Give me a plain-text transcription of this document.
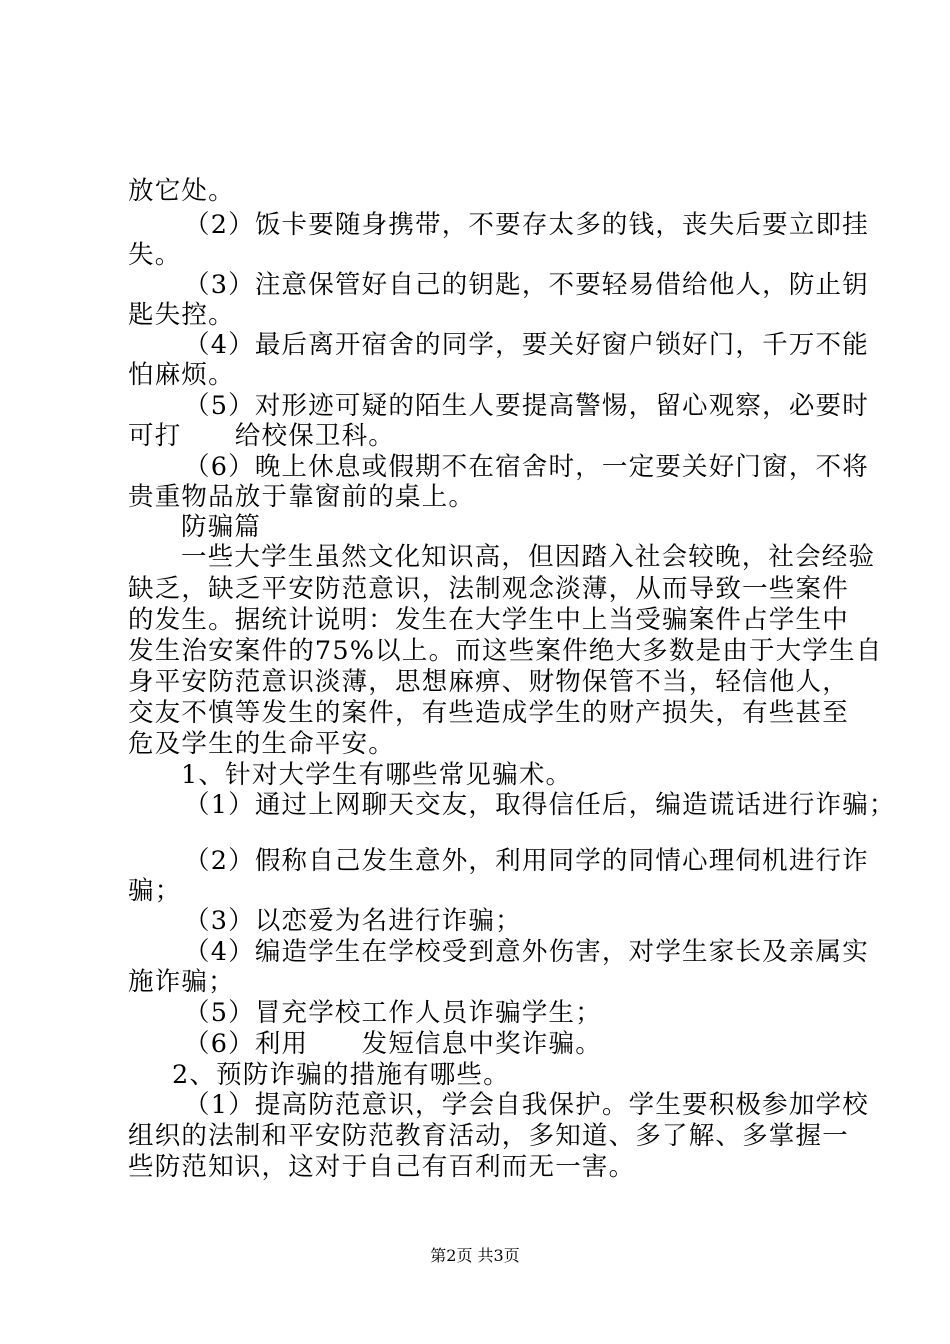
放它处。
（2）饭卡要随身携带，不要存太多的钱，丧失后要立即挂
失。
（3）注意保管好自己的钥匙，不要轻易借给他人，防止钥
匙失控。
（4）最后离开宿舍的同学，要关好窗户锁好门，千万不能
怕麻烦。
（5）对形迹可疑的陌生人要提高警惕，留心观察，必要时
可打　　给校保卫科。
（6）晚上休息或假期不在宿舍时，一定要关好门窗，不将
贵重物品放于靠窗前的桌上。
防骗篇
一些大学生虽然文化知识高，但因踏入社会较晚，社会经验
缺乏，缺乏平安防范意识，法制观念淡薄，从而导致一些案件
的发生。据统计说明：发生在大学生中上当受骗案件占学生中
发生治安案件的75%以上。而这些案件绝大多数是由于大学生自
身平安防范意识淡薄，思想麻痹、财物保管不当，轻信他人，
交友不慎等发生的案件，有些造成学生的财产损失，有些甚至
危及学生的生命平安。
1、针对大学生有哪些常见骗术。
（1）通过上网聊天交友，取得信任后，编造谎话进行诈骗；
（2）假称自己发生意外，利用同学的同情心理伺机进行诈
骗；
（3）以恋爱为名进行诈骗；
（4）编造学生在学校受到意外伤害，对学生家长及亲属实
施诈骗；
（5）冒充学校工作人员诈骗学生；
（6）利用　　发短信息中奖诈骗。
2、预防诈骗的措施有哪些。
（1）提高防范意识，学会自我保护。学生要积极参加学校
组织的法制和平安防范教育活动，多知道、多了解、多掌握一
些防范知识，这对于自己有百利而无一害。
第2页 共3页
